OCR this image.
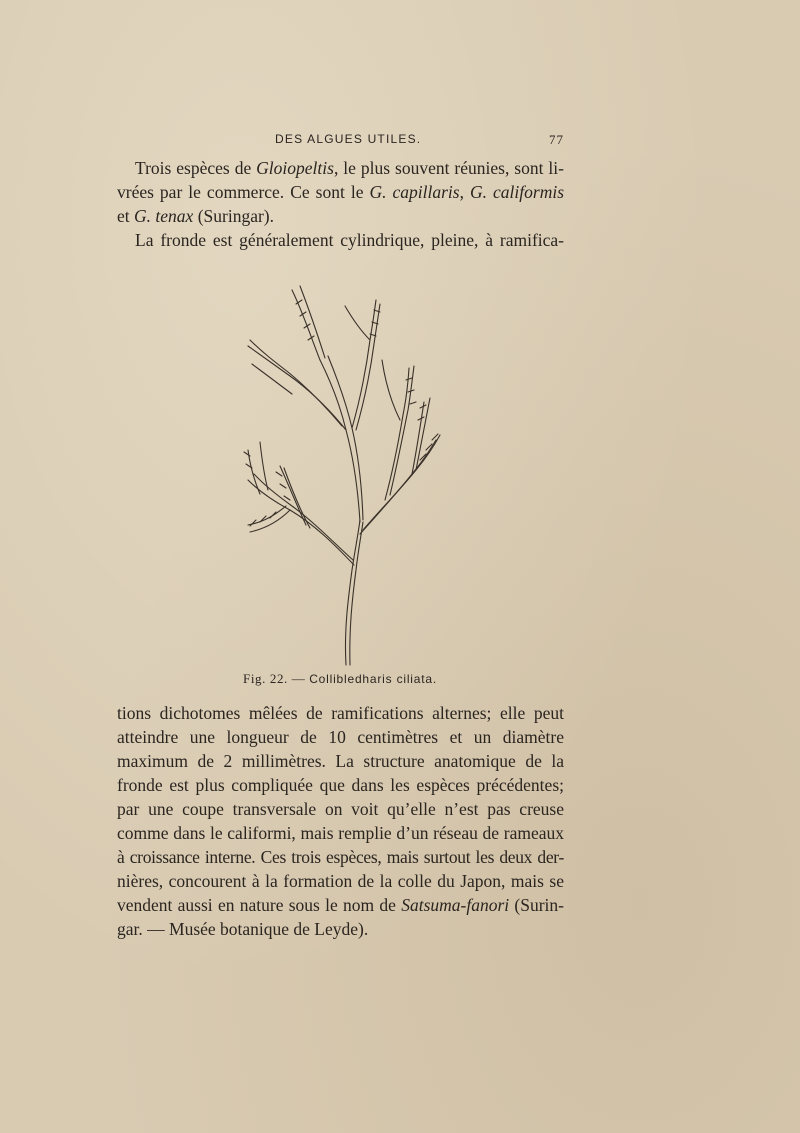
DES ALGUES UTILES.	77

Trois espèces de Gloiopeltis, le plus souvent réunies, sont li-
vrées par le commerce. Ce sont le G. capillaris, G. califormis
et G. tenax (Suringar).

La fronde est généralement cylindrique, pleine, à ramifica-

Fig. 22. — Collibledharis ciliata.

tions dichotomes mêlées de ramifications alternes; elle peut
atteindre une longueur de 10 centimètres et un diamètre
maximum de 2 millimètres. La structure anatomique de la
fronde est plus compliquée que dans les espèces précédentes;
par une coupe transversale on voit qu’elle n’est pas creuse
comme dans le califormi, mais remplie d’un réseau de rameaux
à croissance interne. Ces trois espèces, mais surtout les deux der-
nières, concourent à la formation de la colle du Japon, mais se
vendent aussi en nature sous le nom de Satsuma-fanori (Surin-
gar. — Musée botanique de Leyde).
